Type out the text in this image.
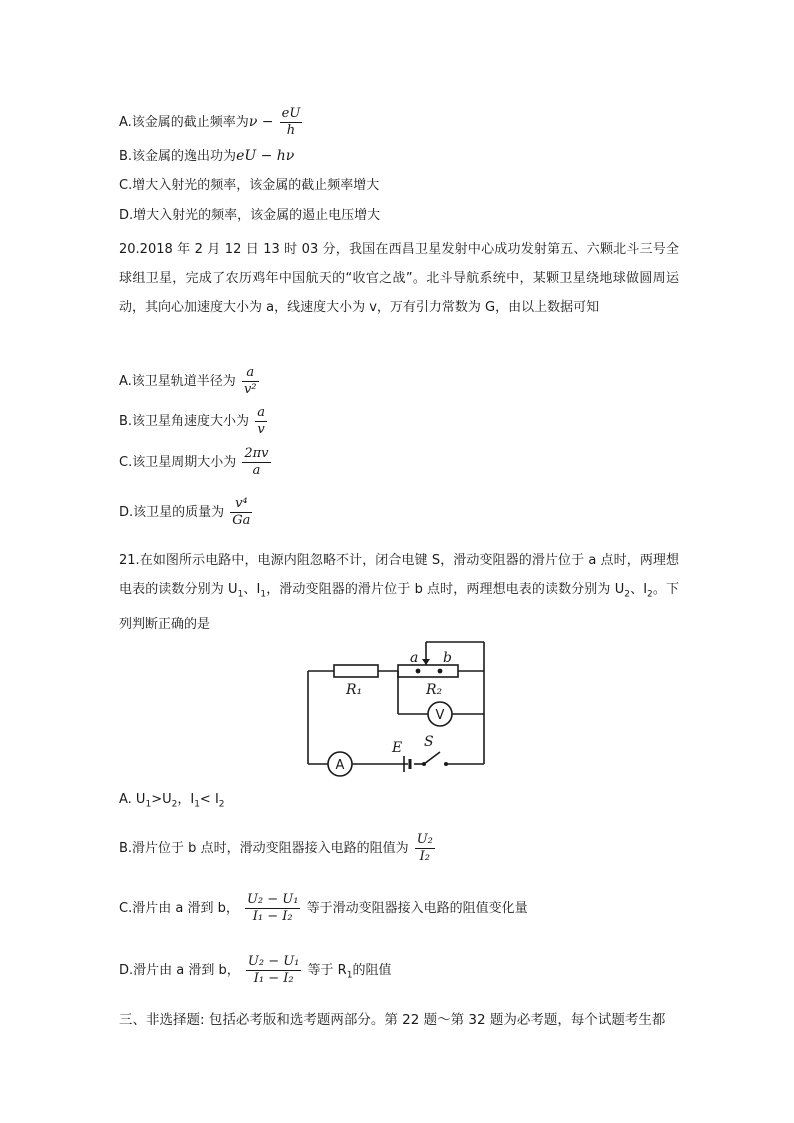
A.该金属的截止频率为$\nu - \frac{eU}{h}$
B.该金属的逸出功为eU − hν
C.增大入射光的频率，该金属的截止频率增大
D.增大入射光的频率，该金属的遏止电压增大
20.2018 年 2 月 12 日 13 时 03 分，我国在西昌卫星发射中心成功发射第五、六颗北斗三号全球组卫星，完成了农历鸡年中国航天的“收官之战”。北斗导航系统中，某颗卫星绕地球做圆周运动，其向心加速度大小为 a，线速度大小为 v，万有引力常数为 G，由以上数据可知
A.该卫星轨道半径为 $\frac{a}{\text{v²}}$
B.该卫星角速度大小为 $\frac{a}{v}$
C.该卫星周期大小为 $\frac{2\pi v}{a}$
D.该卫星的质量为 $\frac{\text{v⁴}}{Ga}$
21.在如图所示电路中，电源内阻忽略不计，闭合电键 S，滑动变阻器的滑片位于 a 点时，两理想电表的读数分别为 $U_1$、$I_1$，滑动变阻器的滑片位于 b 点时，两理想电表的读数分别为 $U_2$、$I_2$。下列判断正确的是
R₁	R₂
a b
E S
V
A
A. $U_1>U_2$，$I_1< I_2$
B.滑片位于 b 点时，滑动变阻器接入电路的阻值为 $\frac{\text{U₂}}{\text{I₂}}$
C.滑片由 a 滑到 b， $\frac{\text{U₂ − U₁}}{\text{I₁ − I₂}}$ 等于滑动变阻器接入电路的阻值变化量
D.滑片由 a 滑到 b， $\frac{\text{U₂ − U₁}}{\text{I₁ − I₂}}$ 等于 $R_1$的阻值
三、非选择题: 包括必考版和选考题两部分。第 22 题～第 32 题为必考题，每个试题考生都
